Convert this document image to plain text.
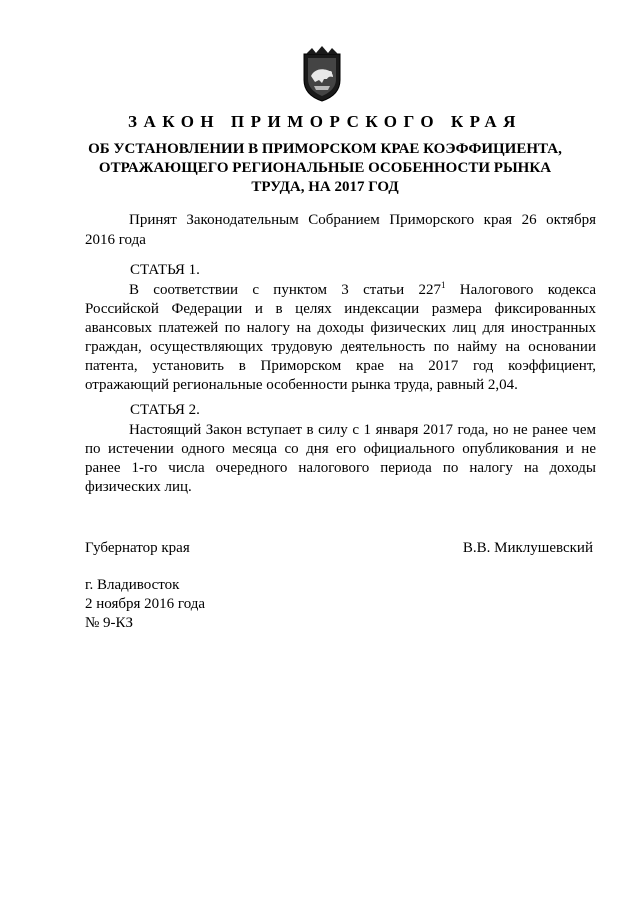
ЗАКОН ПРИМОРСКОГО КРАЯ
ОБ УСТАНОВЛЕНИИ В ПРИМОРСКОМ КРАЕ КОЭФФИЦИЕНТА,
ОТРАЖАЮЩЕГО РЕГИОНАЛЬНЫЕ ОСОБЕННОСТИ РЫНКА
ТРУДА, НА 2017 ГОД
Принят Законодательным Собранием Приморского края 26 октября
2016 года
СТАТЬЯ 1.
В соответствии с пунктом 3 статьи $227^1$ Налогового кодекса
Российской Федерации и в целях индексации размера фиксированных
авансовых платежей по налогу на доходы физических лиц для иностранных
граждан, осуществляющих трудовую деятельность по найму на основании
патента, установить в Приморском крае на 2017 год коэффициент,
отражающий региональные особенности рынка труда, равный 2,04.
СТАТЬЯ 2.
Настоящий Закон вступает в силу с 1 января 2017 года, но не ранее чем
по истечении одного месяца со дня его официального опубликования и не
ранее 1-го числа очередного налогового периода по налогу на доходы
физических лиц.
Губернатор края	В.В. Миклушевский
г. Владивосток
2 ноября 2016 года
№ 9-КЗ
